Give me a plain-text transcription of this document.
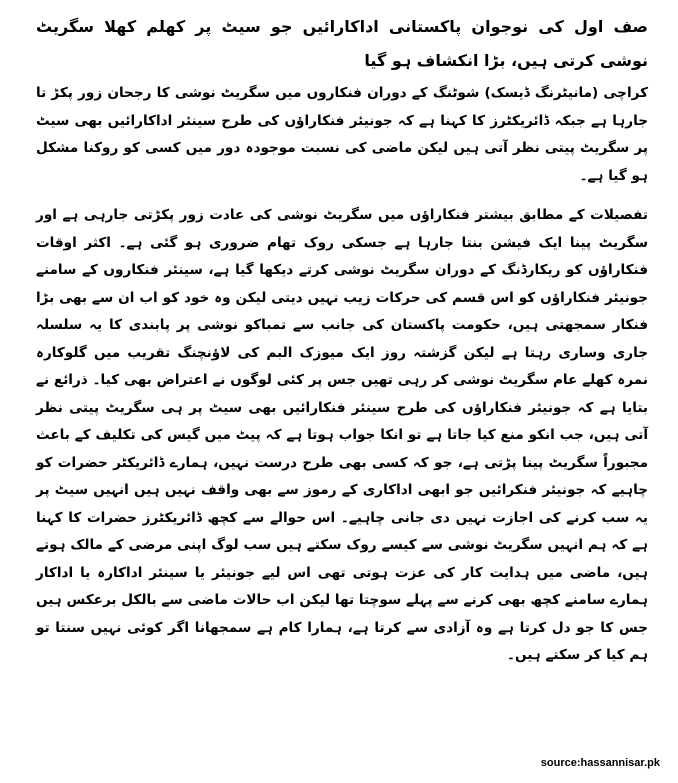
صف اول کی نوجوان پاکستانی اداکارائیں جو سیٹ پر کھلم کھلا سگریٹ نوشی کرتی ہیں، بڑا انکشاف ہو گیا

کراچی (مانیٹرنگ ڈیسک) شوٹنگ کے دوران فنکاروں میں سگریٹ نوشی کا رجحان زور پکڑ تا جارہا ہے جبکہ ڈائریکٹرز کا کہنا ہے کہ جونیئر فنکاراؤں کی طرح سینئر اداکارائیں بھی سیٹ پر سگریٹ پیتی نظر آتی ہیں لیکن ماضی کی نسبت موجودہ دور میں کسی کو روکنا مشکل ہو گیا ہے۔

تفصیلات کے مطابق بیشتر فنکاراؤں میں سگریٹ نوشی کی عادت زور پکڑتی جارہی ہے اور سگریٹ پینا ایک فیشن بنتا جارہا ہے جسکی روک تھام ضروری ہو گئی ہے۔ اکثر اوقات فنکاراؤں کو ریکارڈنگ کے دوران سگریٹ نوشی کرتے دیکھا گیا ہے، سینئر فنکاروں کے سامنے جونیئر فنکاراؤں کو اس قسم کی حرکات زیب نہیں دیتی لیکن وہ خود کو اب ان سے بھی بڑا فنکار سمجھتی ہیں، حکومت پاکستان کی جانب سے تمباکو نوشی پر پابندی کا یہ سلسلہ جاری وساری رہتا ہے لیکن گزشتہ روز ایک میوزک البم کی لاؤنچنگ تقریب میں گلوکارہ نمرہ کھلے عام سگریٹ نوشی کر رہی تھیں جس پر کئی لوگوں نے اعتراض بھی کیا۔ ذرائع نے بتایا ہے کہ جونیئر فنکاراؤں کی طرح سینئر فنکارائیں بھی سیٹ پر ہی سگریٹ پیتی نظر آتی ہیں، جب انکو منع کیا جاتا ہے تو انکا جواب ہوتا ہے کہ پیٹ میں گیس کی تکلیف کے باعث مجبوراً سگریٹ پینا پڑتی ہے، جو کہ کسی بھی طرح درست نہیں، ہمارے ڈائریکٹر حضرات کو چاہیے کہ جونیئر فنکرائیں جو ابھی اداکاری کے رموز سے بھی واقف نہیں ہیں انہیں سیٹ پر یہ سب کرنے کی اجازت نہیں دی جانی چاہیے۔ اس حوالے سے کچھ ڈائریکٹرز حضرات کا کہنا ہے کہ ہم انہیں سگریٹ نوشی سے کیسے روک سکتے ہیں سب لوگ اپنی مرضی کے مالک ہوتے ہیں، ماضی میں ہدایت کار کی عزت ہوتی تھی اس لیے جونیئر یا سینئر اداکارہ یا اداکار ہمارے سامنے کچھ بھی کرنے سے پہلے سوچتا تھا لیکن اب حالات ماضی سے بالکل برعکس ہیں جس کا جو دل کرتا ہے وہ آزادی سے کرتا ہے، ہمارا کام ہے سمجھانا اگر کوئی نہیں سنتا تو ہم کیا کر سکتے ہیں۔

source:hassannisar.pk
